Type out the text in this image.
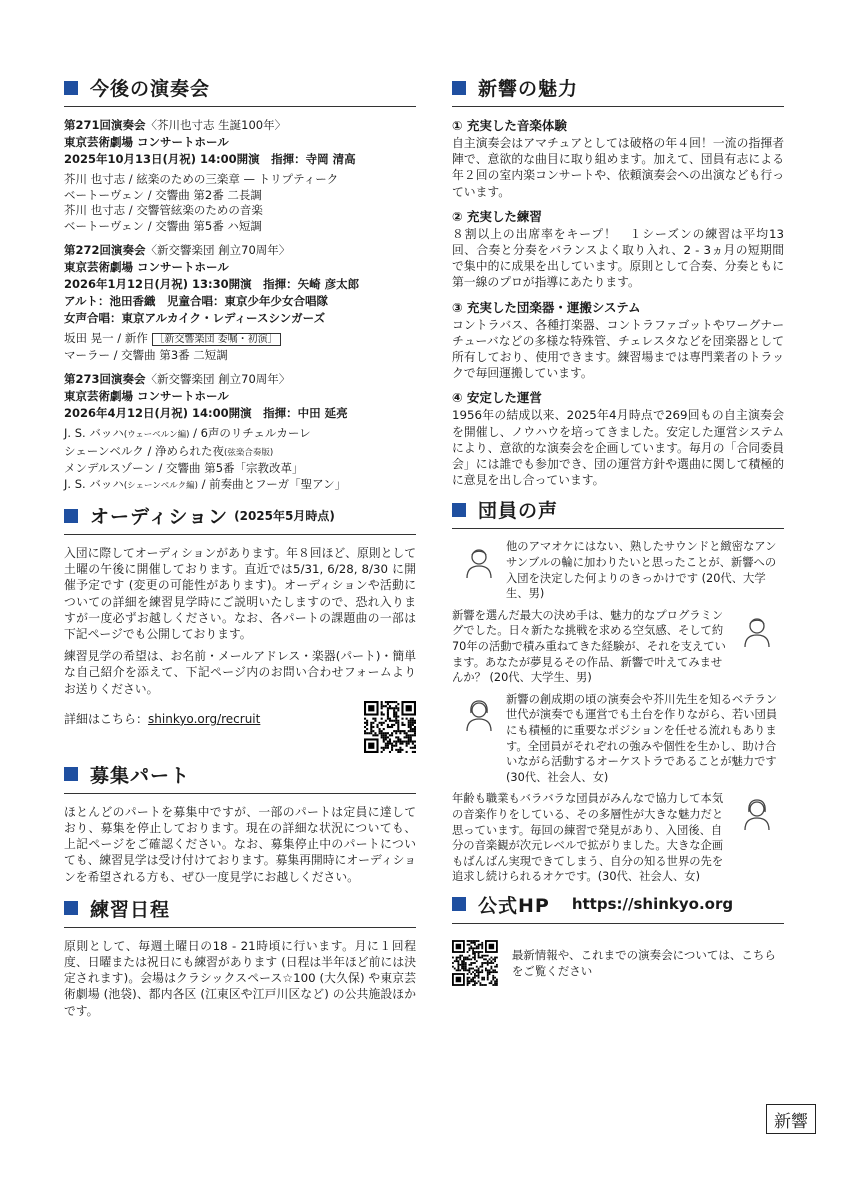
今後の演奏会
第271回演奏会〈芥川也寸志 生誕100年〉
東京芸術劇場 コンサートホール
2025年10月13日(月祝) 14:00開演　 指揮：寺岡 清高
芥川 也寸志 / 絃楽のための三楽章 — トリプティーク
ベートーヴェン / 交響曲 第2番 二長調
芥川 也寸志 / 交響管絃楽のための音楽
ベートーヴェン / 交響曲 第5番 ハ短調
第272回演奏会〈新交響楽団 創立70周年〉
東京芸術劇場 コンサートホール
2026年1月12日(月祝) 13:30開演　 指揮：矢崎 彦太郎
アルト：池田香織　児童合唱：東京少年少女合唱隊
女声合唱：東京アルカイク・レディースシンガーズ
坂田 晃一 / 新作 ［新交響楽団 委嘱・初演］
マーラー / 交響曲 第3番 二短調
第273回演奏会〈新交響楽団 創立70周年〉
東京芸術劇場 コンサートホール
2026年4月12日(月祝) 14:00開演　 指揮：中田 延亮
J. S. バッハ(ウェーベルン編) / 6声のリチェルカーレ
シェーンベルク / 浄められた夜(弦楽合奏版)
メンデルスゾーン / 交響曲 第5番「宗教改革」
J. S. バッハ(シェーンベルク編) / 前奏曲とフーガ「聖アン」
オーディション (2025年5月時点)

入団に際してオーディションがあります。年８回ほど、原則として土曜の午後に開催しております。直近では5/31, 6/28, 8/30 に開催予定です (変更の可能性があります)。オーディションや活動についての詳細を練習見学時にご説明いたしますので、恐れ入りますが一度必ずお越しください。なお、各パートの課題曲の一部は下記ページでも公開しております。

練習見学の希望は、お名前・メールアドレス・楽器(パート)・簡単な自己紹介を添えて、下記ページ内のお問い合わせフォームよりお送りください。

詳細はこちら：shinkyo.org/recruit
募集パート

ほとんどのパートを募集中ですが、一部のパートは定員に達しており、募集を停止しております。現在の詳細な状況についても、上記ページをご確認ください。なお、募集停止中のパートについても、練習見学は受け付けております。募集再開時にオーディションを希望される方も、ぜひ一度見学にお越しください。

練習日程

原則として、毎週土曜日の18 - 21時頃に行います。月に１回程度、日曜または祝日にも練習があります (日程は半年ほど前には決定されます)。会場はクラシックスペース☆100 (大久保) や東京芸術劇場 (池袋)、都内各区 (江東区や江戸川区など) の公共施設ほかです。

新響の魅力
① 充実した音楽体験

自主演奏会はアマチュアとしては破格の年４回！一流の指揮者陣で、意欲的な曲目に取り組めます。加えて、団員有志による年２回の室内楽コンサートや、依頼演奏会への出演なども行っています。

② 充実した練習

８割以上の出席率をキープ！　１シーズンの練習は平均13回、合奏と分奏をバランスよく取り入れ、2 - 3ヵ月の短期間で集中的に成果を出しています。原則として合奏、分奏ともに第一線のプロが指導にあたります。

③ 充実した団楽器・運搬システム

コントラバス、各種打楽器、コントラファゴットやワーグナーチューバなどの多様な特殊管、チェレスタなどを団楽器として所有しており、使用できます。練習場までは専門業者のトラックで毎回運搬しています。

④ 安定した運営

1956年の結成以来、2025年4月時点で269回もの自主演奏会を開催し、ノウハウを培ってきました。安定した運営システムにより、意欲的な演奏会を企画しています。毎月の「合同委員会」には誰でも参加でき、団の運営方針や選曲に関して積極的に意見を出し合っています。

団員の声

他のアマオケにはない、熟したサウンドと緻密なアンサンブルの輪に加わりたいと思ったことが、新響への入団を決定した何よりのきっかけです (20代、大学生、男)

新響を選んだ最大の決め手は、魅力的なプログラミングでした。日々新たな挑戦を求める空気感、そして約70年の活動で積み重ねてきた経験が、それを支えています。あなたが夢見るその作品、新響で叶えてみませんか？ (20代、大学生、男)

新響の創成期の頃の演奏会や芥川先生を知るベテラン世代が演奏でも運営でも土台を作りながら、若い団員にも積極的に重要なポジションを任せる流れもあります。全団員がそれぞれの強みや個性を生かし、助け合いながら活動するオーケストラであることが魅力です (30代、社会人、女)

年齢も職業もバラバラな団員がみんなで協力して本気の音楽作りをしている、その多層性が大きな魅力だと思っています。毎回の練習で発見があり、入団後、自分の音楽観が次元レベルで拡がりました。大きな企画もばんばん実現できてしまう、自分の知る世界の先を追求し続けられるオケです。(30代、社会人、女)

公式HP https://shinkyo.org

最新情報や、これまでの演奏会については、こちらをご覧ください

新響
